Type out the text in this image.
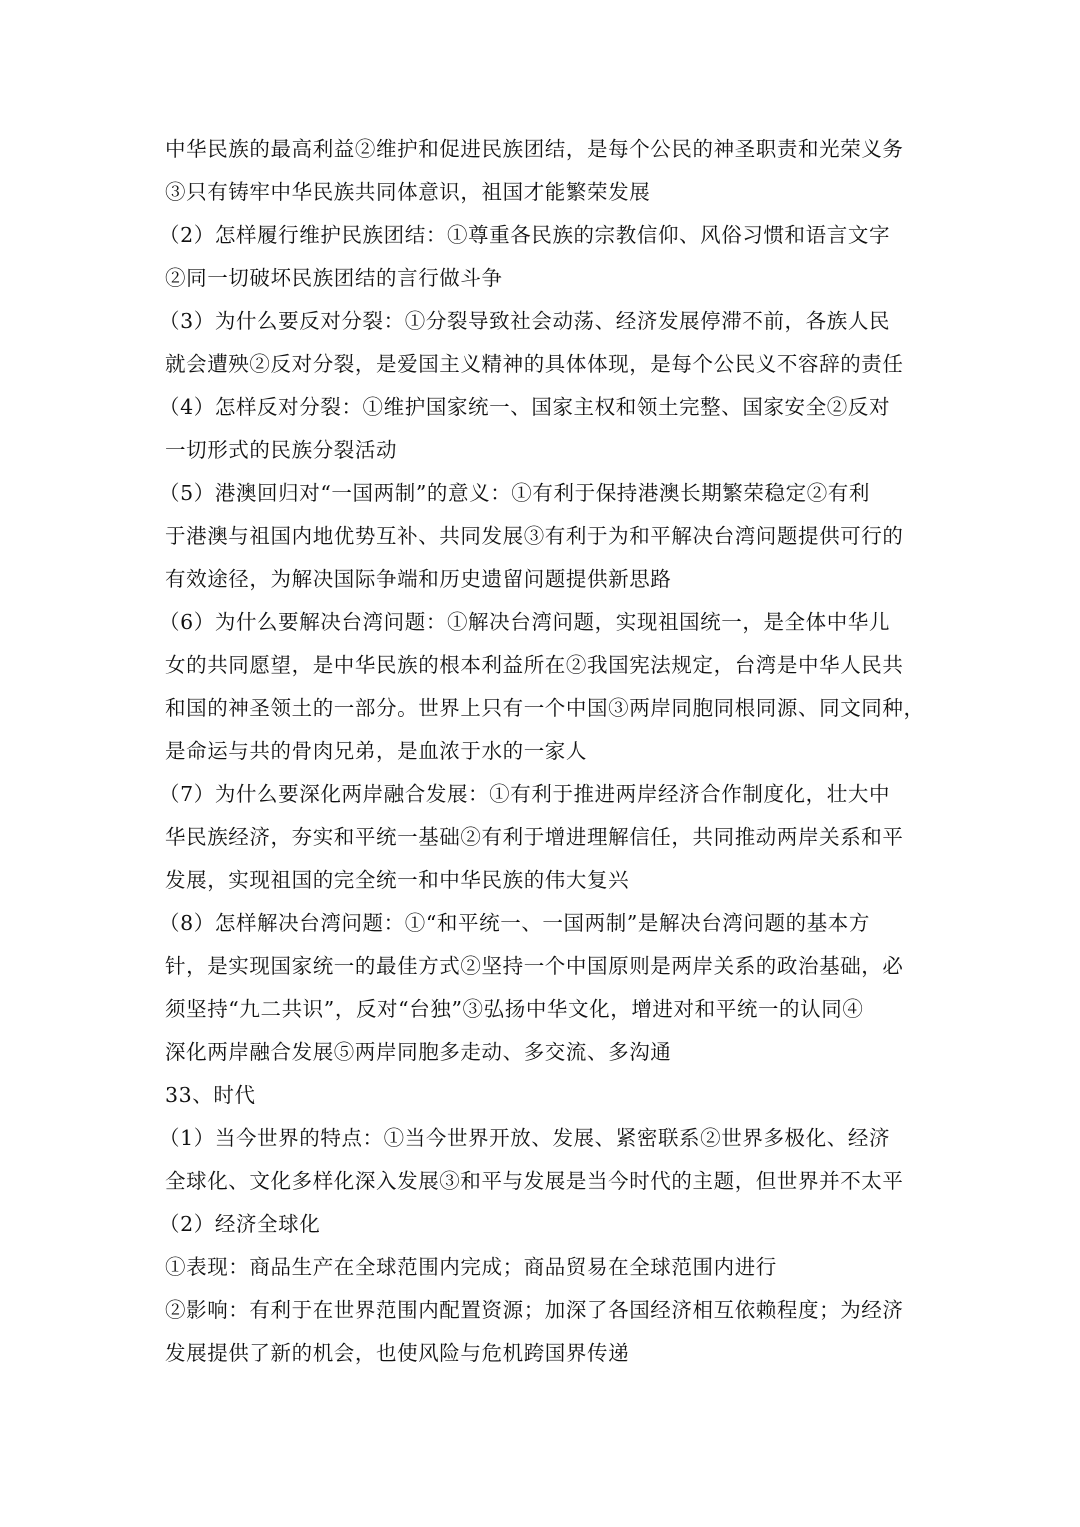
中华民族的最高利益②维护和促进民族团结，是每个公民的神圣职责和光荣义务
③只有铸牢中华民族共同体意识，祖国才能繁荣发展
（2）怎样履行维护民族团结：①尊重各民族的宗教信仰、风俗习惯和语言文字
②同一切破坏民族团结的言行做斗争
（3）为什么要反对分裂：①分裂导致社会动荡、经济发展停滞不前，各族人民
就会遭殃②反对分裂，是爱国主义精神的具体体现，是每个公民义不容辞的责任
（4）怎样反对分裂：①维护国家统一、国家主权和领土完整、国家安全②反对
一切形式的民族分裂活动
（5）港澳回归对“一国两制”的意义：①有利于保持港澳长期繁荣稳定②有利
于港澳与祖国内地优势互补、共同发展③有利于为和平解决台湾问题提供可行的
有效途径，为解决国际争端和历史遗留问题提供新思路
（6）为什么要解决台湾问题：①解决台湾问题，实现祖国统一，是全体中华儿
女的共同愿望，是中华民族的根本利益所在②我国宪法规定，台湾是中华人民共
和国的神圣领土的一部分。世界上只有一个中国③两岸同胞同根同源、同文同种，
是命运与共的骨肉兄弟，是血浓于水的一家人
（7）为什么要深化两岸融合发展：①有利于推进两岸经济合作制度化，壮大中
华民族经济，夯实和平统一基础②有利于增进理解信任，共同推动两岸关系和平
发展，实现祖国的完全统一和中华民族的伟大复兴
（8）怎样解决台湾问题：①“和平统一、一国两制”是解决台湾问题的基本方
针，是实现国家统一的最佳方式②坚持一个中国原则是两岸关系的政治基础，必
须坚持“九二共识”，反对“台独”③弘扬中华文化，增进对和平统一的认同④
深化两岸融合发展⑤两岸同胞多走动、多交流、多沟通
33、时代
（1）当今世界的特点：①当今世界开放、发展、紧密联系②世界多极化、经济
全球化、文化多样化深入发展③和平与发展是当今时代的主题，但世界并不太平
（2）经济全球化
①表现：商品生产在全球范围内完成；商品贸易在全球范围内进行
②影响：有利于在世界范围内配置资源；加深了各国经济相互依赖程度；为经济
发展提供了新的机会，也使风险与危机跨国界传递
